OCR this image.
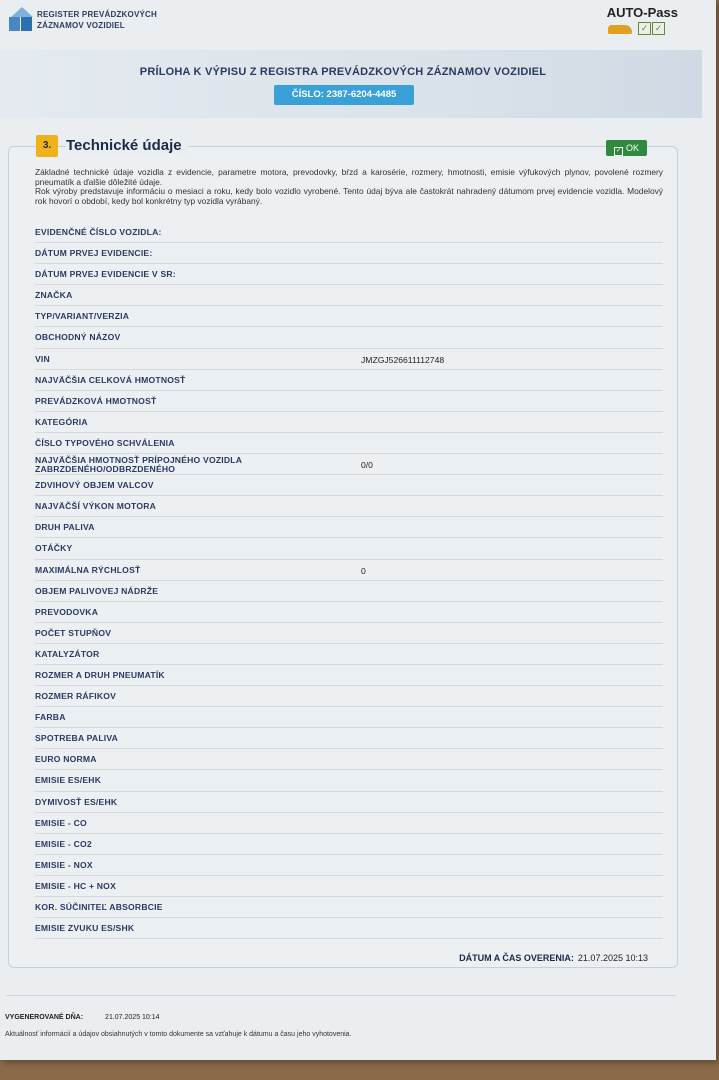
REGISTER PREVÁDZKOVÝCH
ZÁZNAMOV VOZIDIEL
AUTO-Pass
✓ ✓
PRÍLOHA K VÝPISU Z REGISTRA PREVÁDZKOVÝCH ZÁZNAMOV VOZIDIEL
ČÍSLO: 2387-6204-4485
3. Technické údaje	✓ OK
Základné technické údaje vozidla z evidencie, parametre motora, prevodovky, bŕzd a karosérie, rozmery, hmotnosti, emisie výfukových plynov, povolené rozmery pneumatík a ďalšie dôležité údaje.
Rok výroby predstavuje informáciu o mesiaci a roku, kedy bolo vozidlo vyrobené. Tento údaj býva ale častokrát nahradený dátumom prvej evidencie vozidla. Modelový rok hovorí o období, kedy bol konkrétny typ vozidla vyrábaný.
EVIDENČNÉ ČÍSLO VOZIDLA:
DÁTUM PRVEJ EVIDENCIE:
DÁTUM PRVEJ EVIDENCIE V SR:
ZNAČKA
TYP/VARIANT/VERZIA
OBCHODNÝ NÁZOV
VIN	JMZGJ526611112748
NAJVÄČŠIA CELKOVÁ HMOTNOSŤ
PREVÁDZKOVÁ HMOTNOSŤ
KATEGÓRIA
ČÍSLO TYPOVÉHO SCHVÁLENIA
NAJVÄČŠIA HMOTNOSŤ PRÍPOJNÉHO VOZIDLA
ZABRZDENÉHO/ODBRZDENÉHO	0/0
ZDVIHOVÝ OBJEM VALCOV
NAJVÄČŠÍ VÝKON MOTORA
DRUH PALIVA
OTÁČKY
MAXIMÁLNA RÝCHLOSŤ	0
OBJEM PALIVOVEJ NÁDRŽE
PREVODOVKA
POČET STUPŇOV
KATALYZÁTOR
ROZMER A DRUH PNEUMATÍK
ROZMER RÁFIKOV
FARBA
SPOTREBA PALIVA
EURO NORMA
EMISIE ES/EHK
DYMIVOSŤ ES/EHK
EMISIE - CO
EMISIE - CO2
EMISIE - NOX
EMISIE - HC + NOX
KOR. SÚČINITEĽ ABSORBCIE
EMISIE ZVUKU ES/SHK
DÁTUM A ČAS OVERENIA: 21.07.2025 10:13
VYGENEROVANÉ DŇA:	21.07.2025 10:14
Aktuálnosť informácií a údajov obsiahnutých v tomto dokumente sa vzťahuje k dátumu a času jeho vyhotovenia.
